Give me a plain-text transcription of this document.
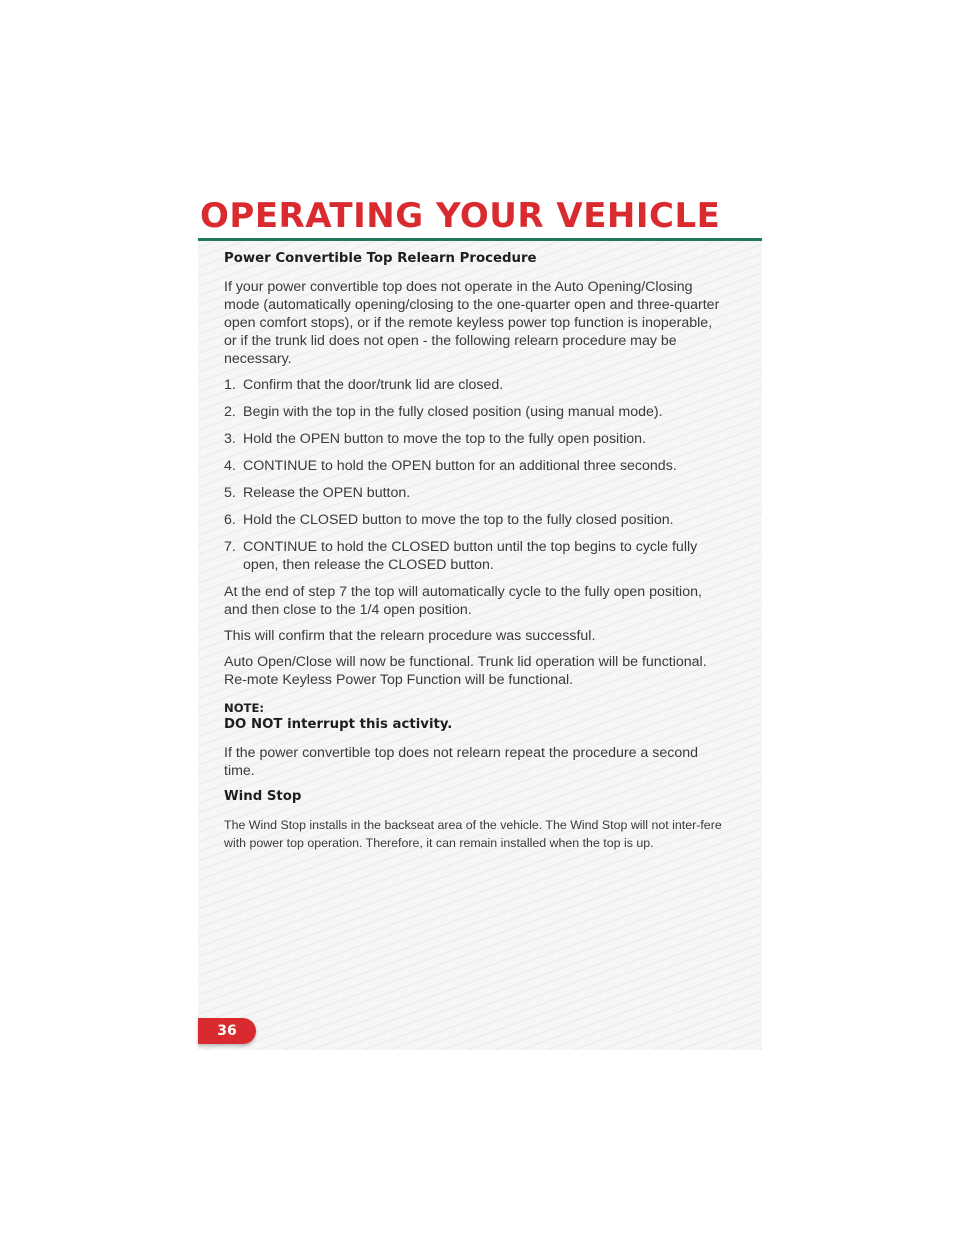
OPERATING YOUR VEHICLE
Power Convertible Top Relearn Procedure

If your power convertible top does not operate in the Auto Opening/Closing mode (automatically opening/closing to the one-quarter open and three-quarter open comfort stops), or if the remote keyless power top function is inoperable, or if the trunk lid does not open - the following relearn procedure may be necessary.

1. Confirm that the door/trunk lid are closed.
2. Begin with the top in the fully closed position (using manual mode).
3. Hold the OPEN button to move the top to the fully open position.
4. CONTINUE to hold the OPEN button for an additional three seconds.
5. Release the OPEN button.
6. Hold the CLOSED button to move the top to the fully closed position.
7. CONTINUE to hold the CLOSED button until the top begins to cycle fully open, then release the CLOSED button.

At the end of step 7 the top will automatically cycle to the fully open position, and then close to the 1/4 open position.

This will confirm that the relearn procedure was successful.

Auto Open/Close will now be functional. Trunk lid operation will be functional. Re-mote Keyless Power Top Function will be functional.

NOTE:
DO NOT interrupt this activity.

If the power convertible top does not relearn repeat the procedure a second time.

Wind Stop

The Wind Stop installs in the backseat area of the vehicle. The Wind Stop will not inter-fere with power top operation. Therefore, it can remain installed when the top is up.

36
